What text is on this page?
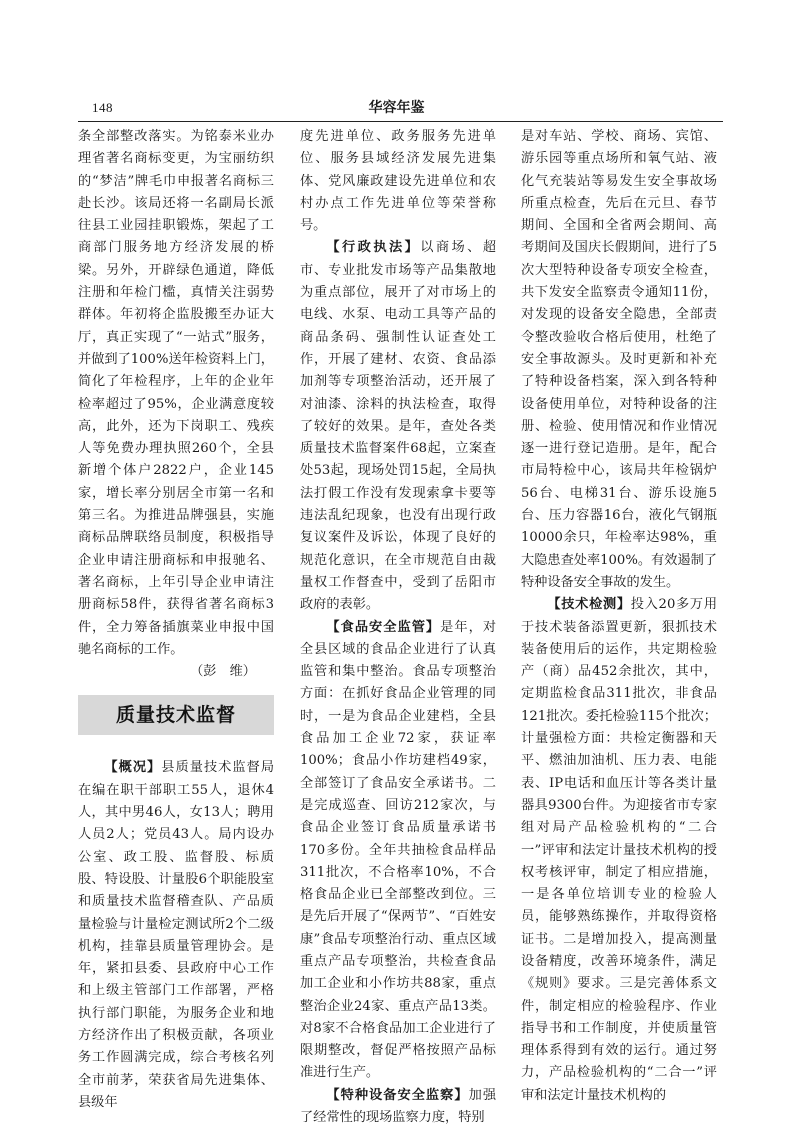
148	华容年鉴

条全部整改落实。为铭泰米业办理省著名商标变更，为宝丽纺织的“梦洁”牌毛巾申报著名商标三赴长沙。该局还将一名副局长派往县工业园挂职锻炼，架起了工商部门服务地方经济发展的桥梁。另外，开辟绿色通道，降低注册和年检门槛，真情关注弱势群体。年初将企监股搬至办证大厅，真正实现了“一站式”服务，并做到了100%送年检资料上门，简化了年检程序，上年的企业年检率超过了95%，企业满意度较高，此外，还为下岗职工、残疾人等免费办理执照260个，全县新增个体户2822户，企业145家，增长率分别居全市第一名和第三名。为推进品牌强县，实施商标品牌联络员制度，积极指导企业申请注册商标和申报驰名、著名商标，上年引导企业申请注册商标58件，获得省著名商标3件，全力筹备插旗菜业申报中国驰名商标的工作。

（彭　维）

质量技术监督

【概况】县质量技术监督局在编在职干部职工55人，退休4人，其中男46人，女13人；聘用人员2人；党员43人。局内设办公室、政工股、监督股、标质股、特设股、计量股6个职能股室和质量技术监督稽查队、产品质量检验与计量检定测试所2个二级机构，挂靠县质量管理协会。是年，紧扣县委、县政府中心工作和上级主管部门工作部署，严格执行部门职能，为服务企业和地方经济作出了积极贡献，各项业务工作圆满完成，综合考核名列全市前茅，荣获省局先进集体、县级年

度先进单位、政务服务先进单位、服务县域经济发展先进集体、党风廉政建设先进单位和农村办点工作先进单位等荣誉称号。

【行政执法】以商场、超市、专业批发市场等产品集散地为重点部位，展开了对市场上的电线、水泵、电动工具等产品的商品条码、强制性认证查处工作，开展了建材、农资、食品添加剂等专项整治活动，还开展了对油漆、涂料的执法检查，取得了较好的效果。是年，查处各类质量技术监督案件68起，立案查处53起，现场处罚15起，全局执法打假工作没有发现索拿卡要等违法乱纪现象，也没有出现行政复议案件及诉讼，体现了良好的规范化意识，在全市规范自由裁量权工作督查中，受到了岳阳市政府的表彰。

【食品安全监管】是年，对全县区域的食品企业进行了认真监管和集中整治。食品专项整治方面：在抓好食品企业管理的同时，一是为食品企业建档，全县食品加工企业72家，获证率100%；食品小作坊建档49家，全部签订了食品安全承诺书。二是完成巡查、回访212家次，与食品企业签订食品质量承诺书170多份。全年共抽检食品样品311批次，不合格率10%，不合格食品企业已全部整改到位。三是先后开展了“保两节”、“百姓安康”食品专项整治行动、重点区域重点产品专项整治，共检查食品加工企业和小作坊共88家，重点整治企业24家、重点产品13类。对8家不合格食品加工企业进行了限期整改，督促严格按照产品标准进行生产。

【特种设备安全监察】加强了经常性的现场监察力度，特别

是对车站、学校、商场、宾馆、游乐园等重点场所和氧气站、液化气充装站等易发生安全事故场所重点检查，先后在元旦、春节期间、全国和全省两会期间、高考期间及国庆长假期间，进行了5次大型特种设备专项安全检查，共下发安全监察责令通知11份，对发现的设备安全隐患，全部责令整改验收合格后使用，杜绝了安全事故源头。及时更新和补充了特种设备档案，深入到各特种设备使用单位，对特种设备的注册、检验、使用情况和作业情况逐一进行登记造册。是年，配合市局特检中心，该局共年检锅炉56台、电梯31台、游乐设施5台、压力容器16台，液化气钢瓶10000余只，年检率达98%，重大隐患查处率100%。有效遏制了特种设备安全事故的发生。

【技术检测】投入20多万用于技术装备添置更新，狠抓技术装备使用后的运作，共定期检验产（商）品452余批次，其中，定期监检食品311批次，非食品121批次。委托检验115个批次；计量强检方面：共检定衡器和天平、燃油加油机、压力表、电能表、IP电话和血压计等各类计量器具9300台件。为迎接省市专家组对局产品检验机构的“二合一”评审和法定计量技术机构的授权考核评审，制定了相应措施，一是各单位培训专业的检验人员，能够熟练操作，并取得资格证书。二是增加投入，提高测量设备精度，改善环境条件，满足《规则》要求。三是完善体系文件，制定相应的检验程序、作业指导书和工作制度，并使质量管理体系得到有效的运行。通过努力，产品检验机构的“二合一”评审和法定计量技术机构的
